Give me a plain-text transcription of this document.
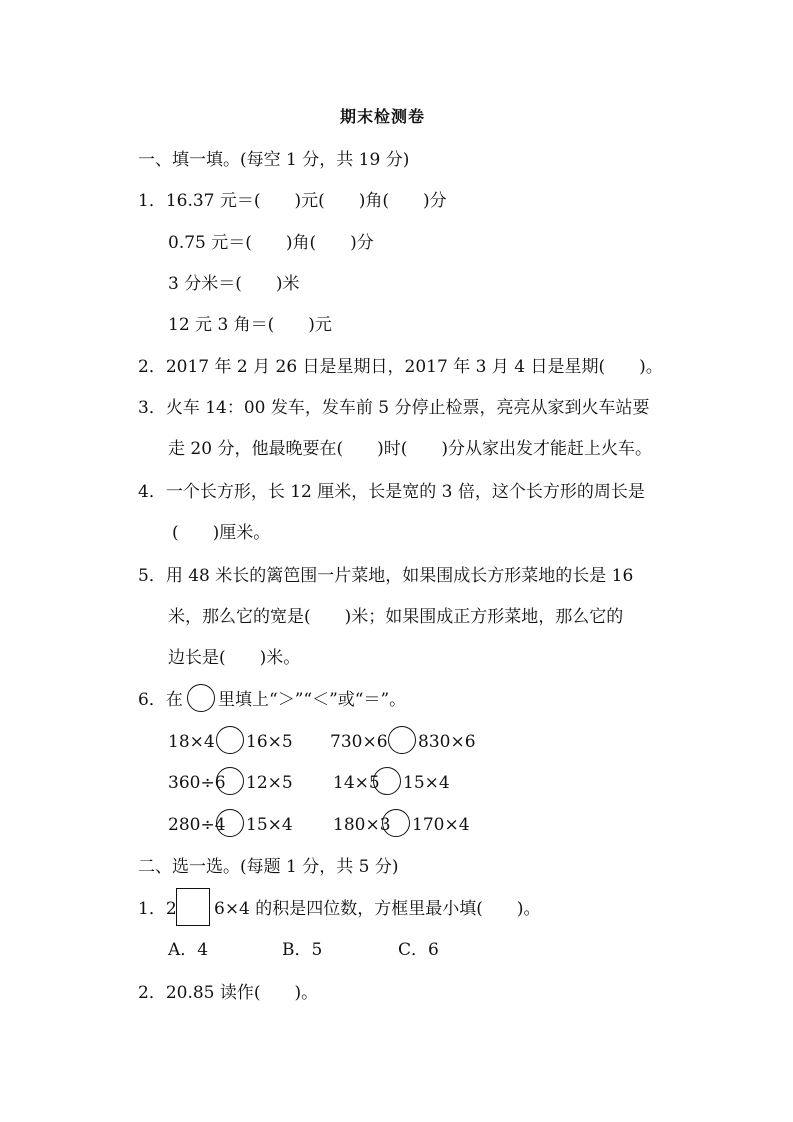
期末检测卷
一、填一填。(每空 1 分，共 19 分)
1．16.37 元＝(　　)元(　　)角(　　)分
0.75 元＝(　　)角(　　)分
3 分米＝(　　)米
12 元 3 角＝(　　)元
2．2017 年 2 月 26 日是星期日，2017 年 3 月 4 日是星期(　　)。
3．火车 14：00 发车，发车前 5 分停止检票，亮亮从家到火车站要
走 20 分，他最晚要在(　　)时(　　)分从家出发才能赶上火车。
4．一个长方形，长 12 厘米，长是宽的 3 倍，这个长方形的周长是
(　　)厘米。
5．用 48 米长的篱笆围一片菜地，如果围成长方形菜地的长是 16
米，那么它的宽是(　　)米；如果围成正方形菜地，那么它的
边长是(　　)米。
6．在 里填上“＞”“＜”或“＝”。
18×4 16×5 730×6 830×6
360÷6 12×5 14×5 15×4
280÷4 15×4 180×3 170×4
二、选一选。(每题 1 分，共 5 分)
1．2 6×4 的积是四位数，方框里最小填(　　)。
A．4	B．5	C．6
2．20.85 读作(　　)。
